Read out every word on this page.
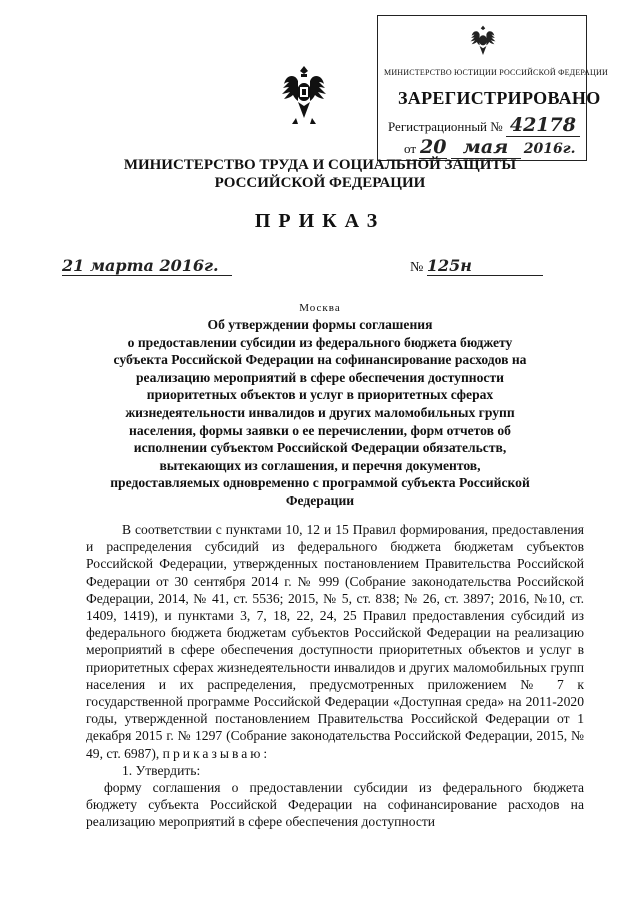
МИНИСТЕРСТВО ЮСТИЦИИ РОССИЙСКОЙ ФЕДЕРАЦИИ
ЗАРЕГИСТРИРОВАНО
Регистрационный № 42178
от 20 мая 2016г.
МИНИСТЕРСТВО ТРУДА И СОЦИАЛЬНОЙ ЗАЩИТЫ
РОССИЙСКОЙ ФЕДЕРАЦИИ
ПРИКАЗ
21 марта 2016г.	№ 125н
Москва
Об утверждении формы соглашения
о предоставлении субсидии из федерального бюджета бюджету
субъекта Российской Федерации на софинансирование расходов на
реализацию мероприятий в сфере обеспечения доступности
приоритетных объектов и услуг в приоритетных сферах
жизнедеятельности инвалидов и других маломобильных групп
населения, формы заявки о ее перечислении, форм отчетов об
исполнении субъектом Российской Федерации обязательств,
вытекающих из соглашения, и перечня документов,
предоставляемых одновременно с программой субъекта Российской
Федерации

В соответствии с пунктами 10, 12 и 15 Правил формирования, предоставления и распределения субсидий из федерального бюджета бюджетам субъектов Российской Федерации, утвержденных постановлением Правительства Российской Федерации от 30 сентября 2014 г. № 999 (Собрание законодательства Российской Федерации, 2014, № 41, ст. 5536; 2015, № 5, ст. 838; № 26, ст. 3897; 2016, №10, ст. 1409, 1419), и пунктами 3, 7, 18, 22, 24, 25 Правил предоставления субсидий из федерального бюджета бюджетам субъектов Российской Федерации на реализацию мероприятий в сфере обеспечения доступности приоритетных объектов и услуг в приоритетных сферах жизнедеятельности инвалидов и других маломобильных групп населения и их распределения, предусмотренных приложением № 7 к государственной программе Российской Федерации «Доступная среда» на 2011-2020 годы, утвержденной постановлением Правительства Российской Федерации от 1 декабря 2015 г. № 1297 (Собрание законодательства Российской Федерации, 2015, № 49, ст. 6987), приказываю:

1. Утвердить:

форму соглашения о предоставлении субсидии из федерального бюджета бюджету субъекта Российской Федерации на софинансирование расходов на реализацию мероприятий в сфере обеспечения доступности
